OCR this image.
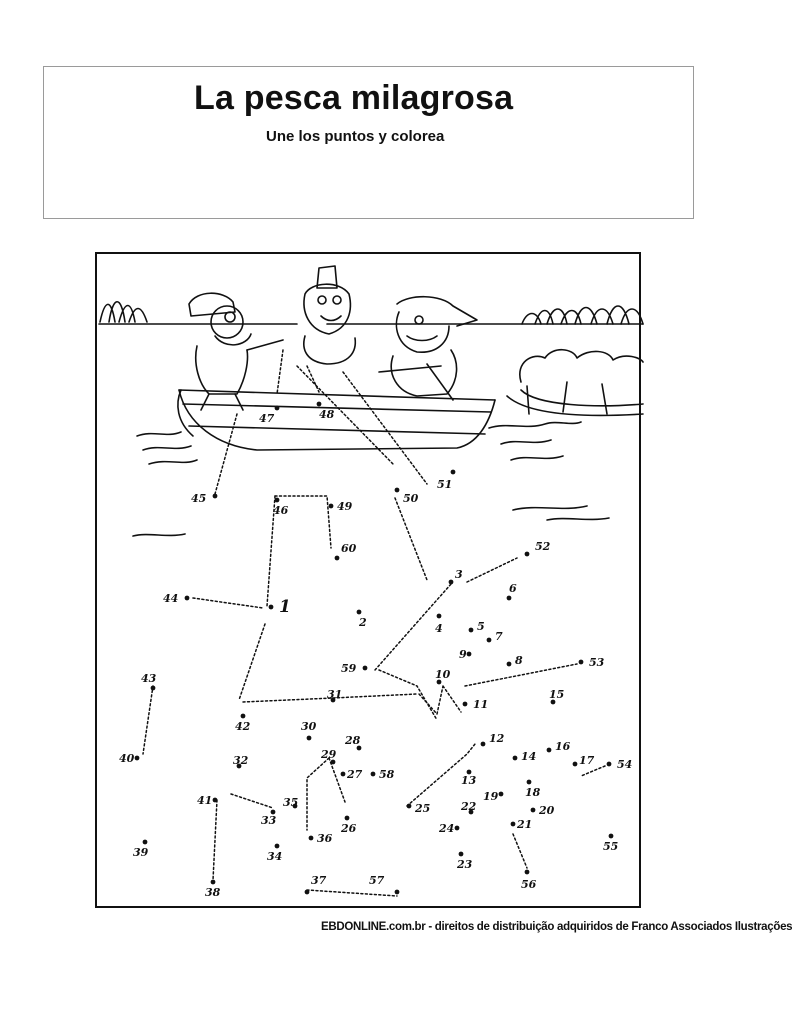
La pesca milagrosa
Une los puntos y colorea
1
2
3
4	5
6
7
8
9
10
11
12
13
14
15
16
17
18
19
20
21
22
23
24
25
26
27
28
29
30
31
32
33
34
35
36
37
38
39
40
41
42
43
44
45
46
47	48
49
50
51
52
53
54
55
56
57
58
59
60
EBDONLINE.com.br - direitos de distribuição adquiridos de Franco Associados Ilustrações
